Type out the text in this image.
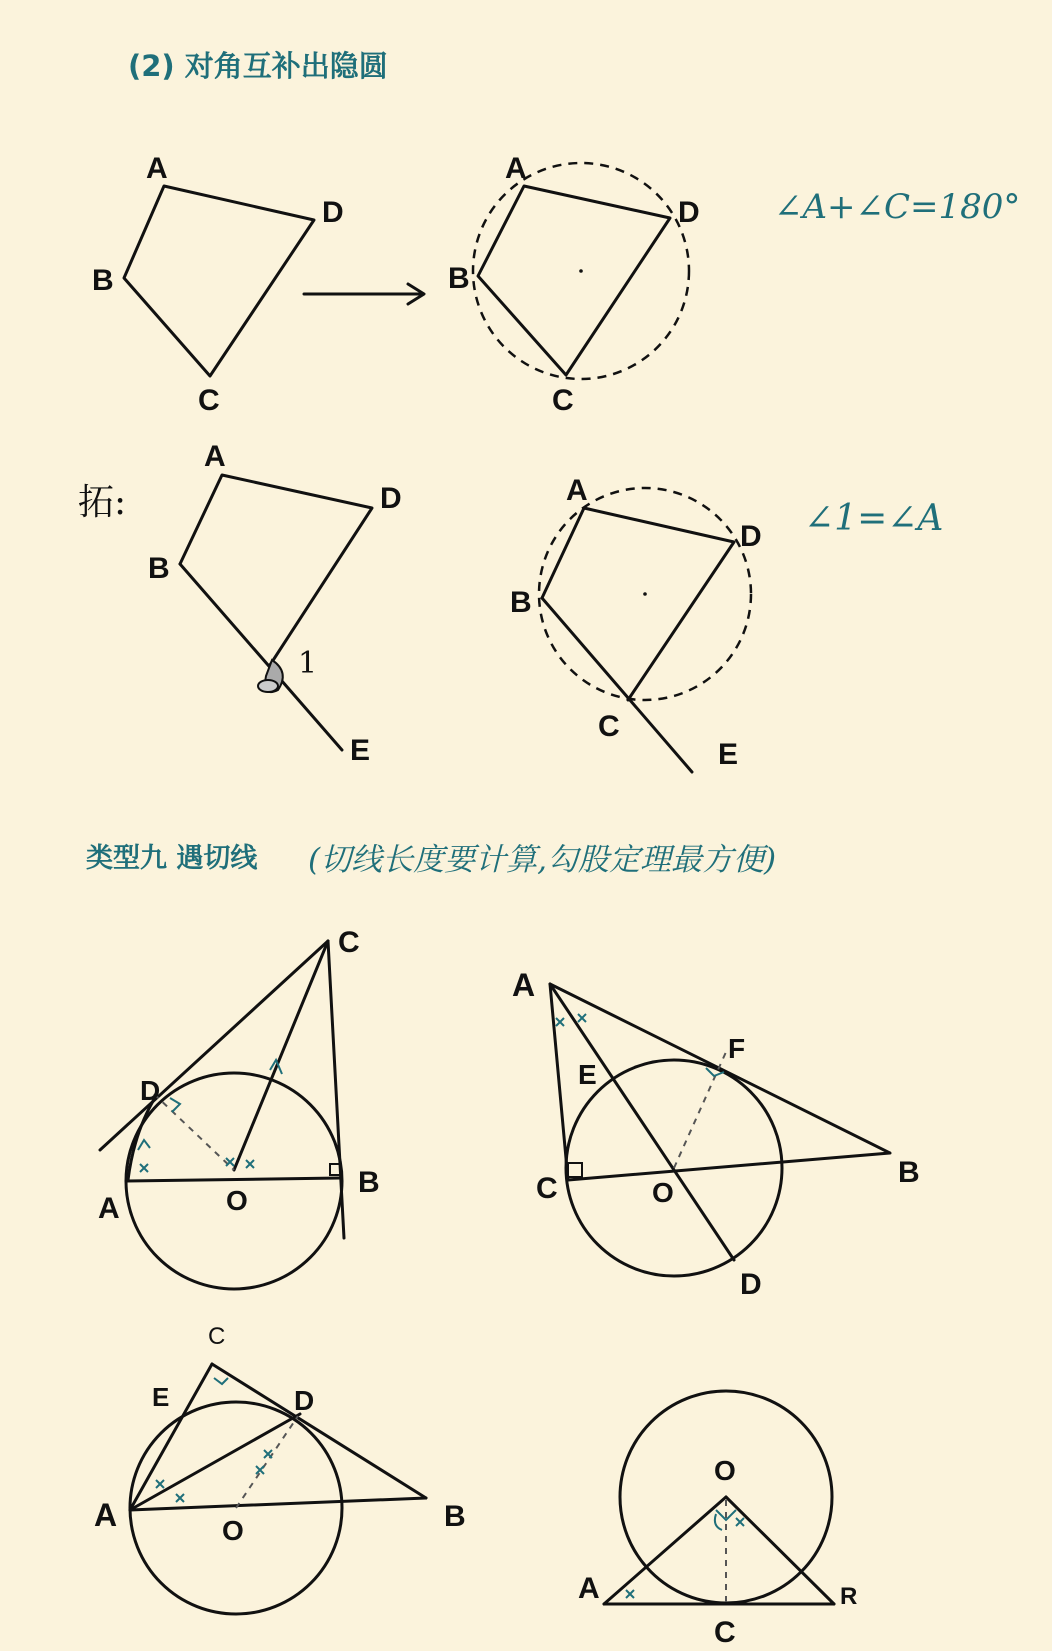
(2) 对角互补出隐圆
拓:
类型九 遇切线 (切线长度要计算,勾股定理最方便)
A
D
B
C
A
D
B
C
∠A+∠C=180°
1
A
D
B
E
A
D
B
C
E
∠1=∠A
C
D
A	O
B
A
E
F
C	O
B
D
C
E	D
A	O	B
O
A	R
C
